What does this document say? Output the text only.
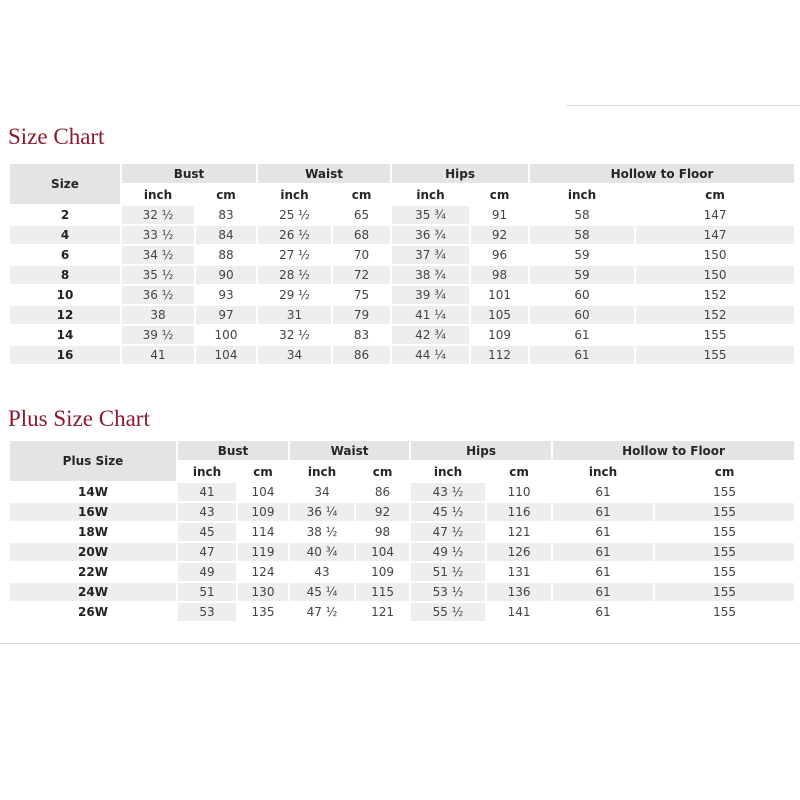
Size Chart
Size	Bust		Waist		Hips		Hollow to Floor	
	inch	cm	inch	cm	inch	cm	inch	cm
2	32 ½	83	25 ½	65	35 ¾	91	58	147
4	33 ½	84	26 ½	68	36 ¾	92	58	147
6	34 ½	88	27 ½	70	37 ¾	96	59	150
8	35 ½	90	28 ½	72	38 ¾	98	59	150
10	36 ½	93	29 ½	75	39 ¾	101	60	152
12	38	97	31	79	41 ¼	105	60	152
14	39 ½	100	32 ½	83	42 ¾	109	61	155
16	41	104	34	86	44 ¼	112	61	155
Plus Size Chart
Plus Size	Bust		Waist		Hips		Hollow to Floor	
	inch	cm	inch	cm	inch	cm	inch	cm
14W	41	104	34	86	43 ½	110	61	155
16W	43	109	36 ¼	92	45 ½	116	61	155
18W	45	114	38 ½	98	47 ½	121	61	155
20W	47	119	40 ¾	104	49 ½	126	61	155
22W	49	124	43	109	51 ½	131	61	155
24W	51	130	45 ¼	115	53 ½	136	61	155
26W	53	135	47 ½	121	55 ½	141	61	155
